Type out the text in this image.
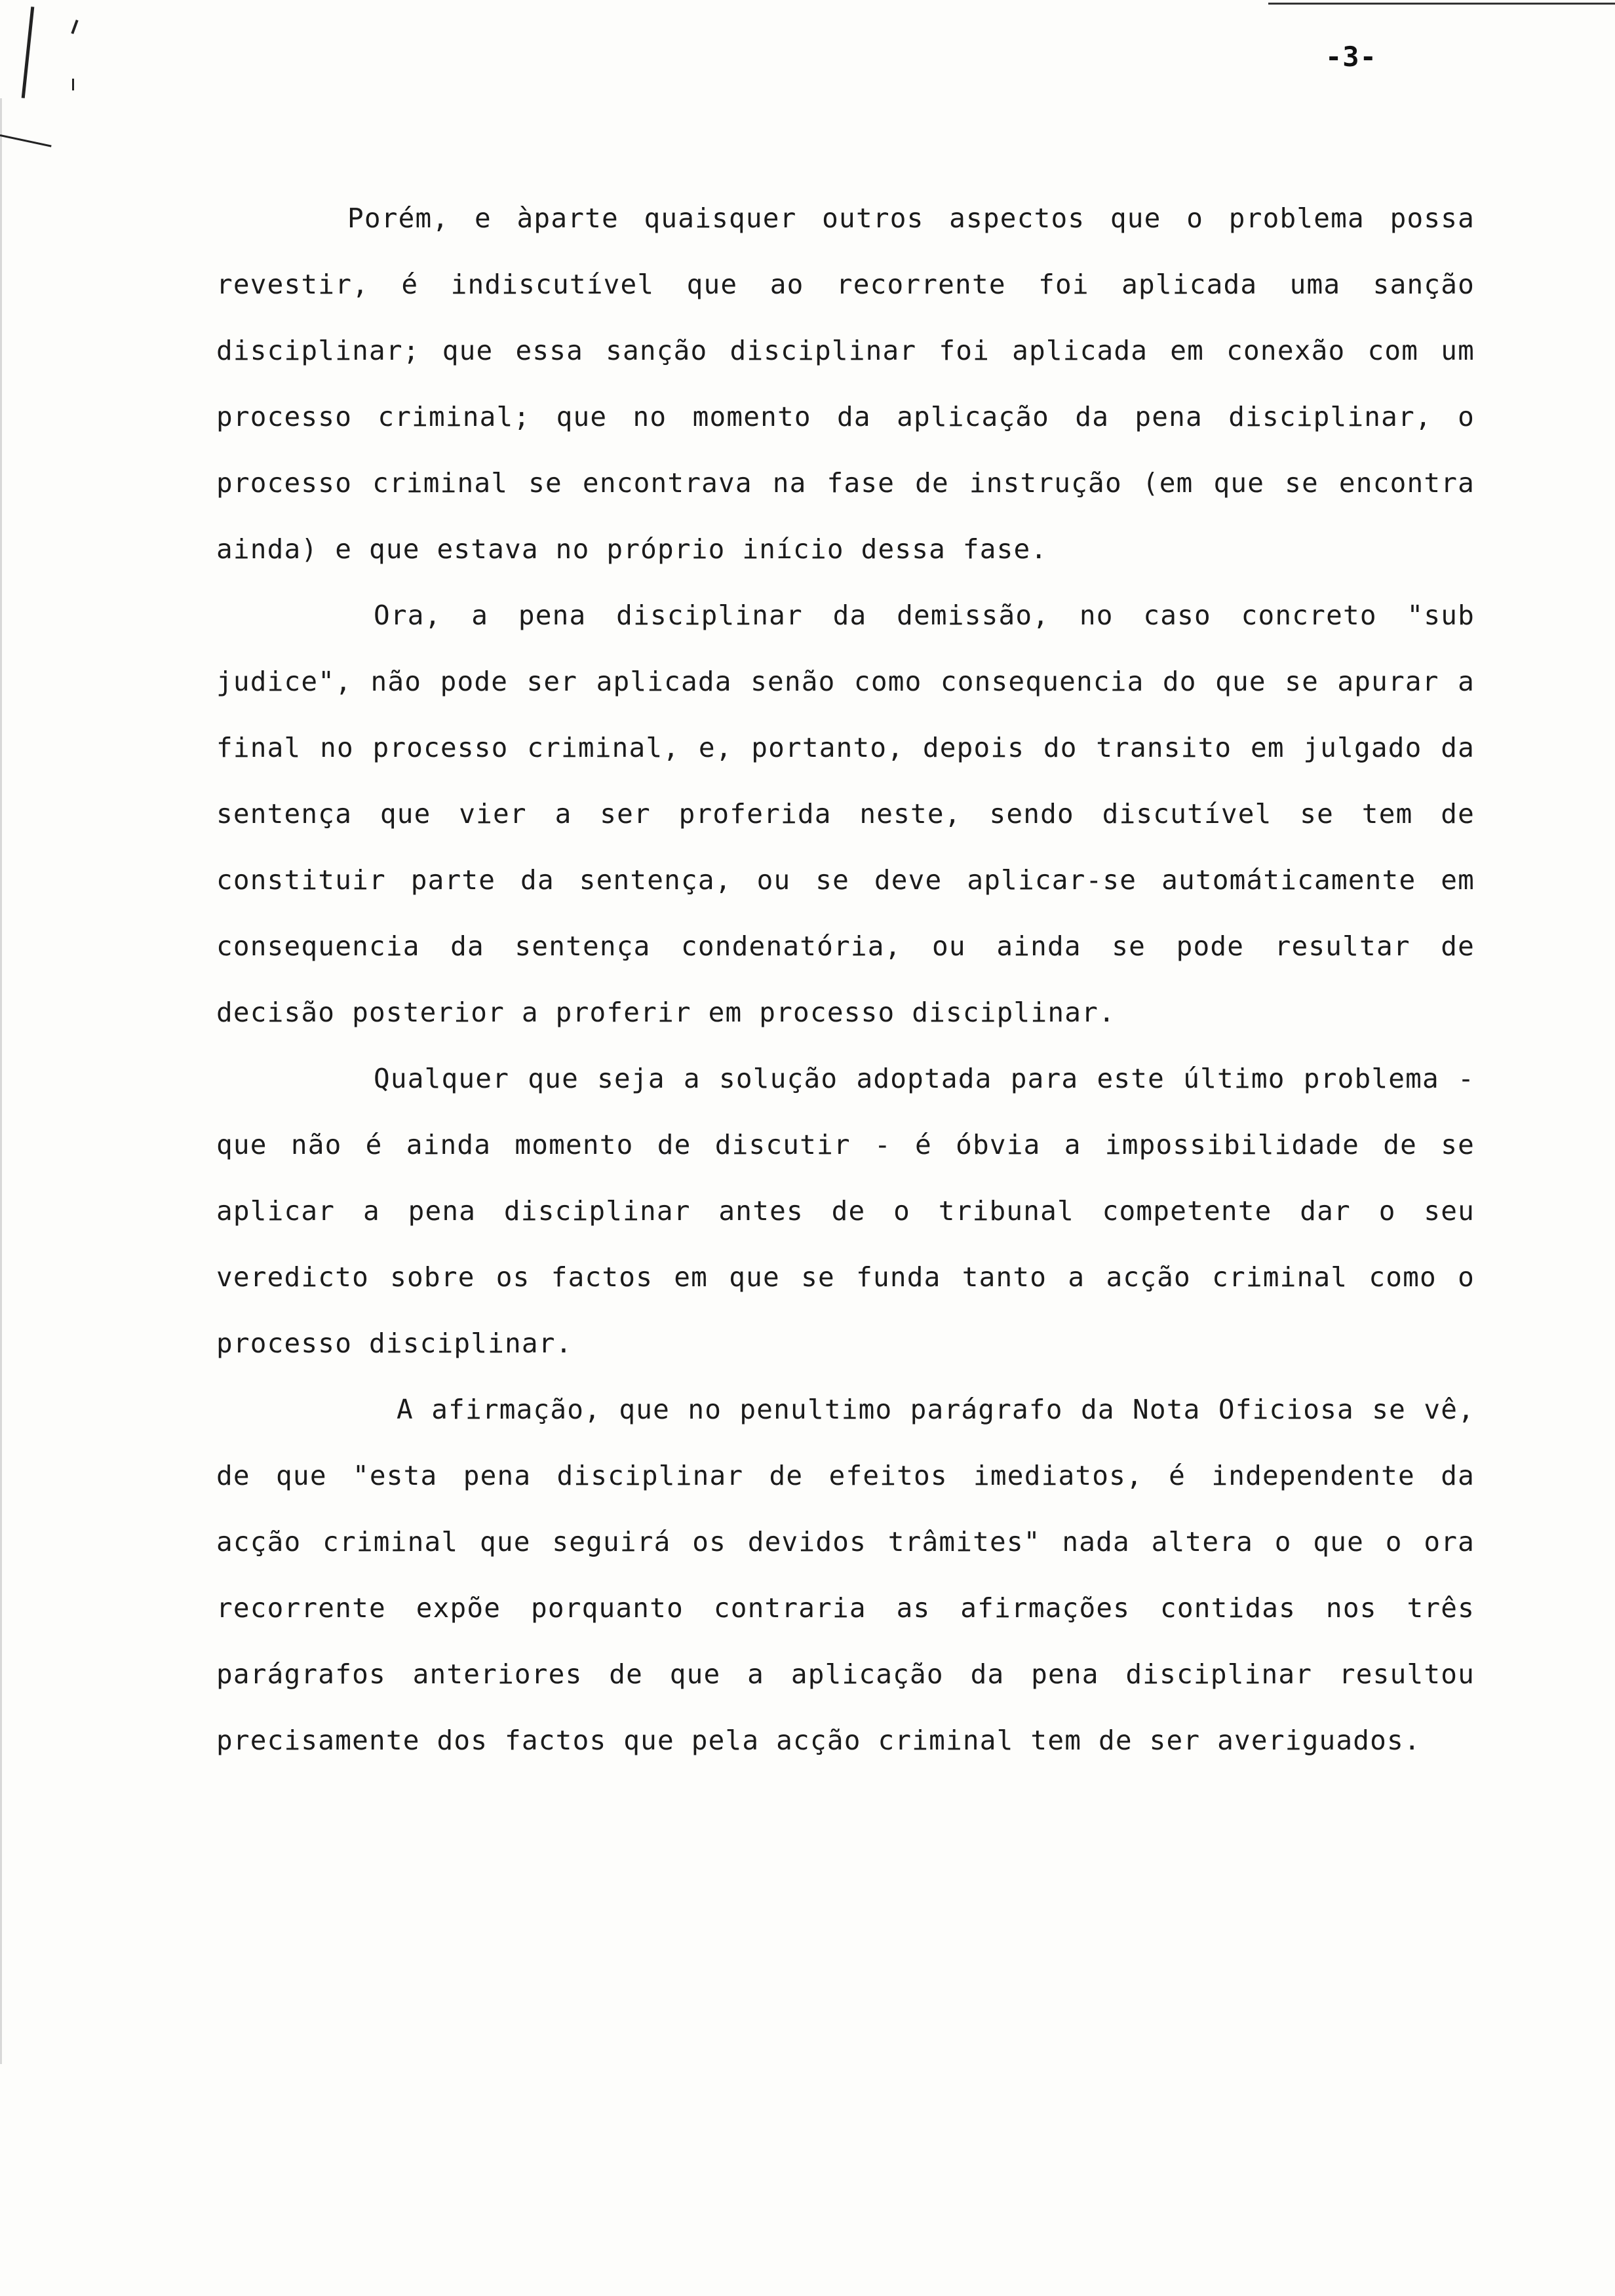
-3-

Porém, e àparte quaisquer outros aspectos que o problema possa revestir, é indiscutível que ao recorrente foi aplicada uma sanção disciplinar; que essa sanção disciplinar foi aplicada em conexão com um processo criminal; que no momento da aplicação da pena disciplinar, o processo criminal se encontrava na fase de instrução (em que se encontra ainda) e que estava no próprio início dessa fase.

Ora, a pena disciplinar da demissão, no caso concreto "sub judice", não pode ser aplicada senão como consequencia do que se apurar a final no processo criminal, e, portanto, depois do transito em julgado da sentença que vier a ser proferida neste, sendo discutível se tem de constituir parte da sentença, ou se deve aplicar-se automáticamente em consequencia da sentença condenatória, ou ainda se pode resultar de decisão posterior a proferir em processo disciplinar.

Qualquer que seja a solução adoptada para este último problema - que não é ainda momento de discutir - é óbvia a impossibilidade de se aplicar a pena disciplinar antes de o tribunal competente dar o seu veredicto sobre os factos em que se funda tanto a acção criminal como o processo disciplinar.

A afirmação, que no penultimo parágrafo da Nota Oficiosa se vê, de que "esta pena disciplinar de efeitos imediatos, é independente da acção criminal que seguirá os devidos trâmites" nada altera o que o ora recorrente expõe porquanto contraria as afirmações contidas nos três parágrafos anteriores de que a aplicação da pena disciplinar resultou precisamente dos factos que pela acção criminal tem de ser averiguados.
